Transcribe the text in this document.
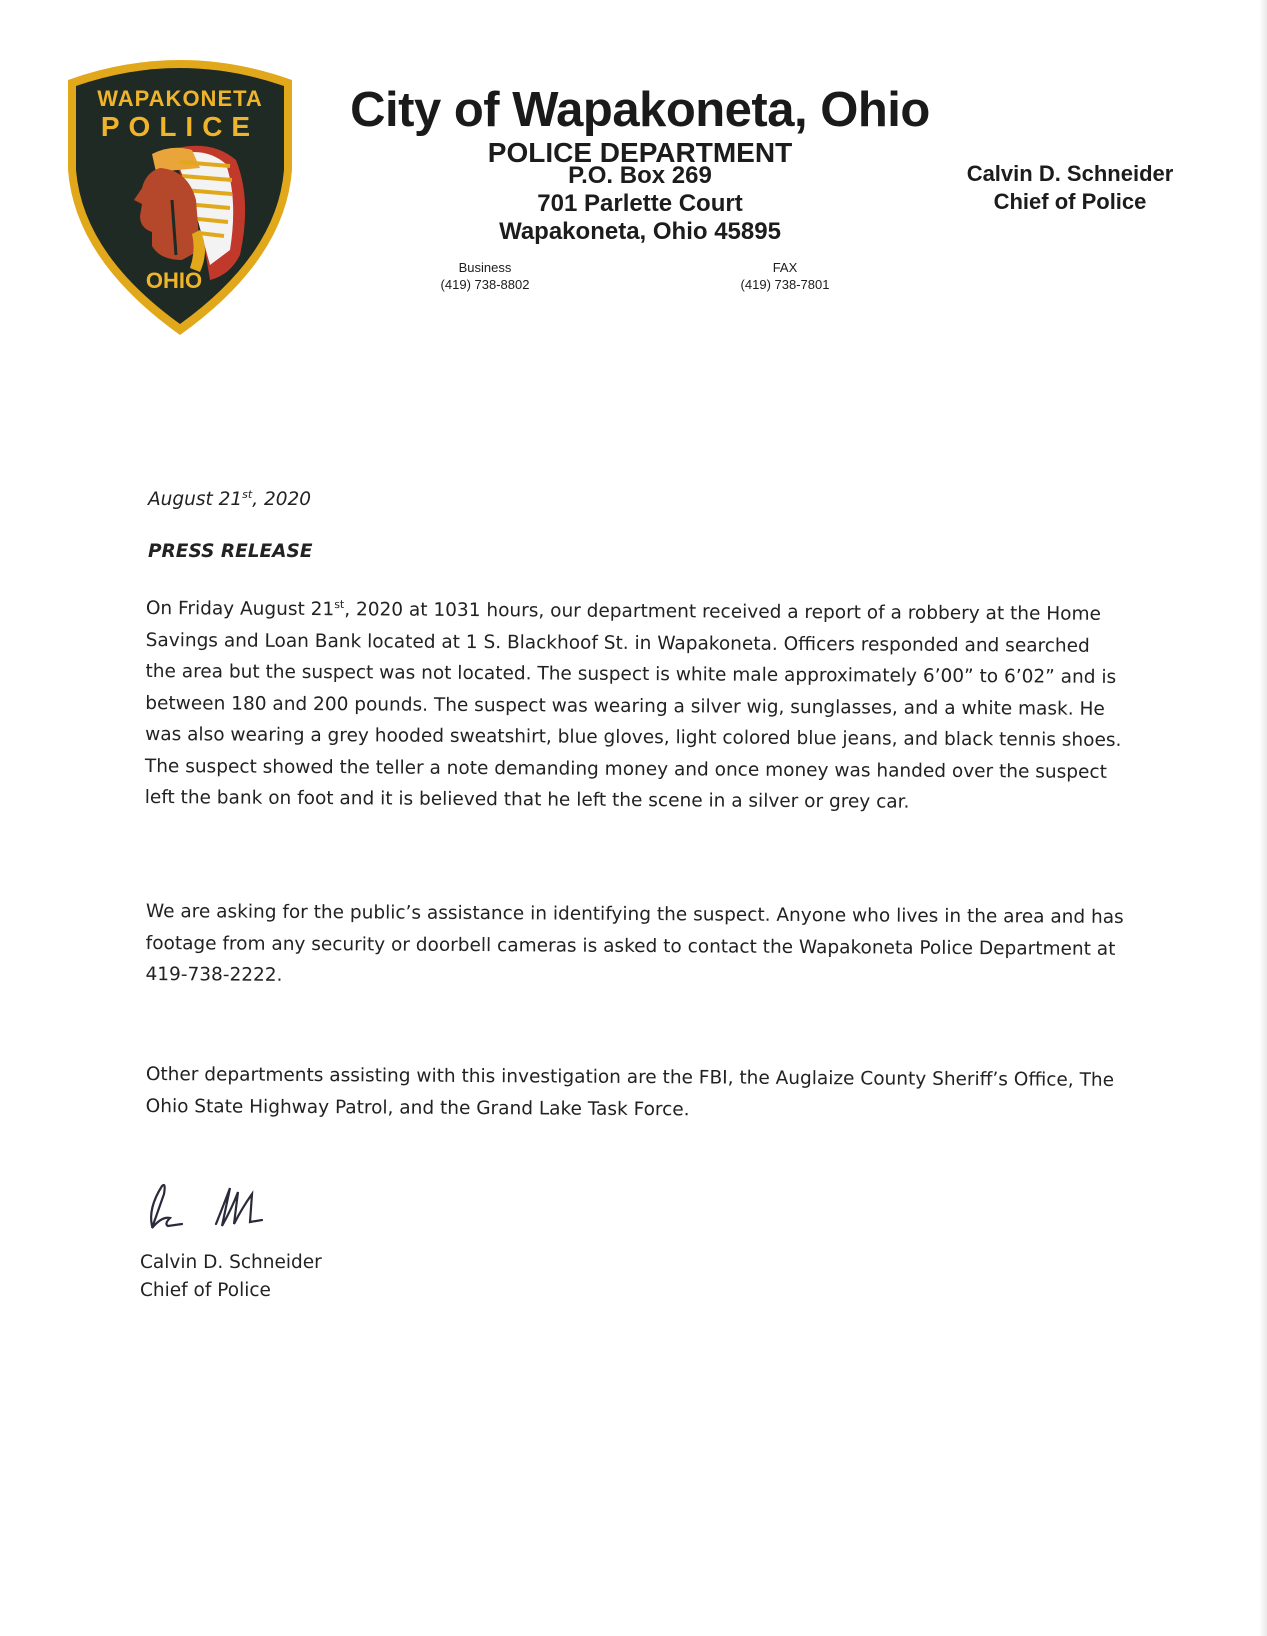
WAPAKONETA
POLICE
OHIO
City of Wapakoneta, Ohio
POLICE DEPARTMENT
P.O. Box 269
701 Parlette Court
Wapakoneta, Ohio 45895
Business
(419) 738-8802
FAX
(419) 738-7801
Calvin D. Schneider
Chief of Police
August 21st, 2020
PRESS RELEASE
On Friday August 21st, 2020 at 1031 hours, our department received a report of a robbery at the Home Savings and Loan Bank located at 1 S. Blackhoof St. in Wapakoneta. Officers responded and searched the area but the suspect was not located. The suspect is white male approximately 6’00” to 6’02” and is between 180 and 200 pounds. The suspect was wearing a silver wig, sunglasses, and a white mask. He was also wearing a grey hooded sweatshirt, blue gloves, light colored blue jeans, and black tennis shoes. The suspect showed the teller a note demanding money and once money was handed over the suspect left the bank on foot and it is believed that he left the scene in a silver or grey car.
We are asking for the public’s assistance in identifying the suspect. Anyone who lives in the area and has footage from any security or doorbell cameras is asked to contact the Wapakoneta Police Department at 419-738-2222.
Other departments assisting with this investigation are the FBI, the Auglaize County Sheriff’s Office, The Ohio State Highway Patrol, and the Grand Lake Task Force.
Calvin D. Schneider
Chief of Police
